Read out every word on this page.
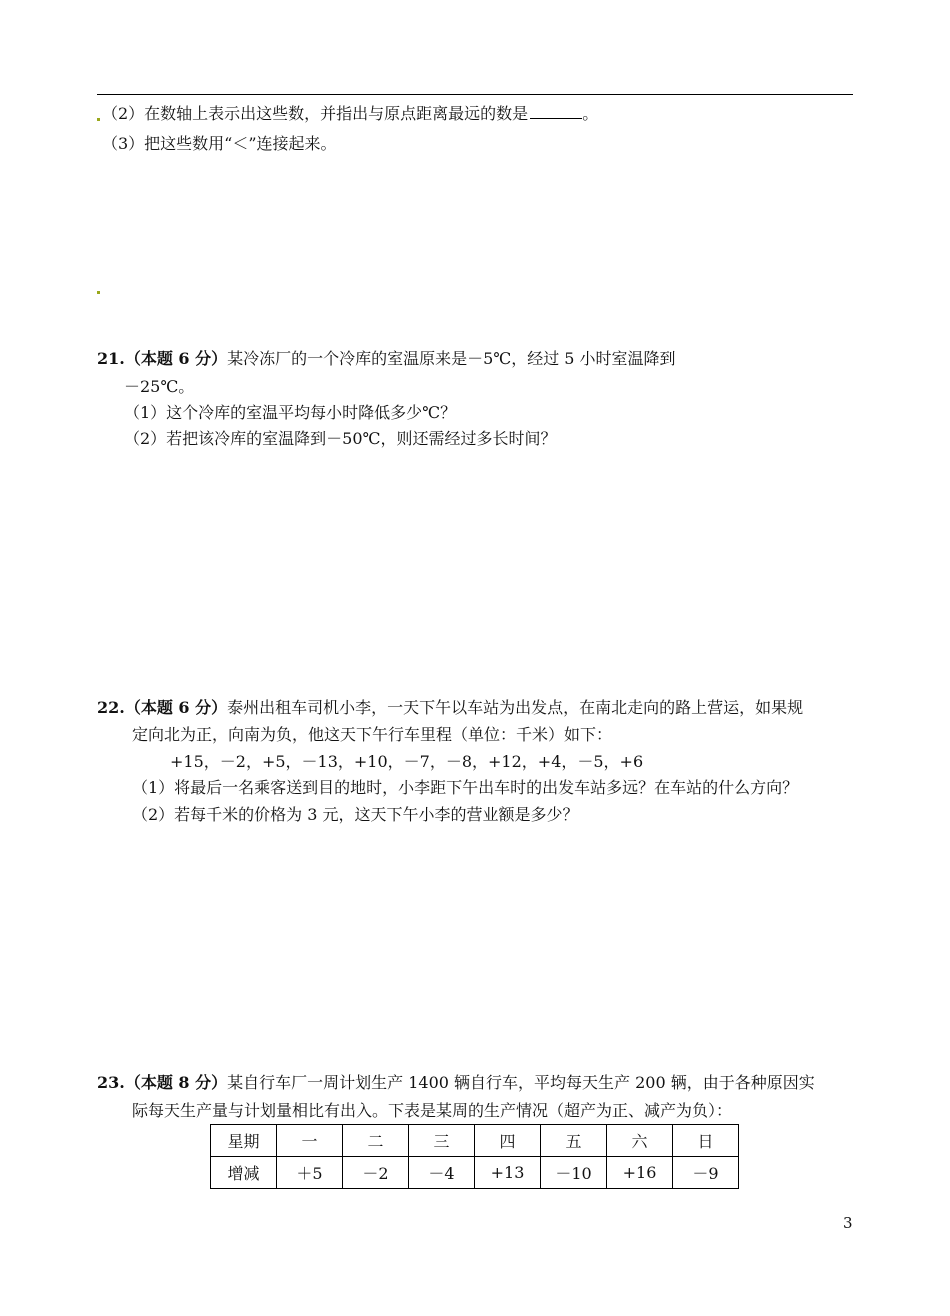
（2）在数轴上表示出这些数，并指出与原点距离最远的数是	。
（3）把这些数用“＜”连接起来。
21.（本题 6 分）某冷冻厂的一个冷库的室温原来是－5℃，经过 5 小时室温降到
－25℃。
（1）这个冷库的室温平均每小时降低多少℃？
（2）若把该冷库的室温降到－50℃，则还需经过多长时间？
22.（本题 6 分）泰州出租车司机小李，一天下午以车站为出发点，在南北走向的路上营运，如果规
定向北为正，向南为负，他这天下午行车里程（单位：千米）如下：
+15，－2，+5，－13，+10，－7，－8，+12，+4，－5，+6
（1）将最后一名乘客送到目的地时，小李距下午出车时的出发车站多远？在车站的什么方向？
（2）若每千米的价格为 3 元，这天下午小李的营业额是多少？
23.（本题 8 分）某自行车厂一周计划生产 1400 辆自行车，平均每天生产 200 辆，由于各种原因实
际每天生产量与计划量相比有出入。下表是某周的生产情况（超产为正、减产为负）：
星期	一	二	三	四	五	六	日
增减	＋5	－2	－4	+13	－10	+16	－9
3
